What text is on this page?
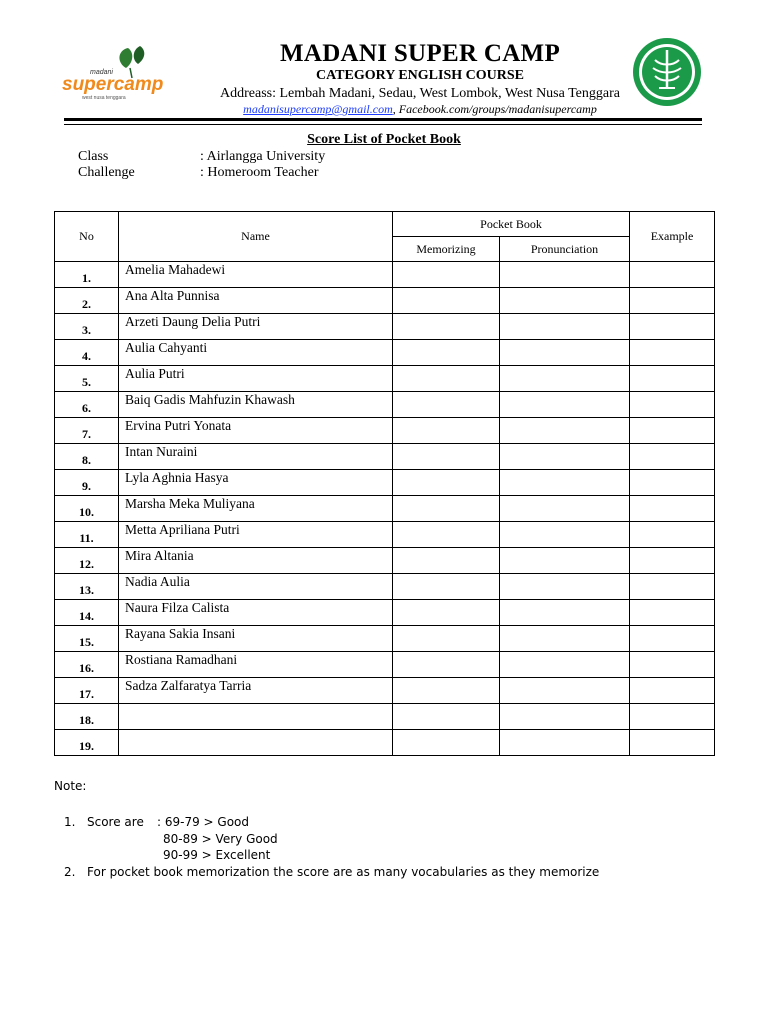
madani
supercamp
west nusa tenggara
MADANI SUPER CAMP
CATEGORY ENGLISH COURSE
Addreass: Lembah Madani, Sedau, West Lombok, West Nusa Tenggara
madanisupercamp@gmail.com, Facebook.com/groups/madanisupercamp
Score List of Pocket Book
Class	: Airlangga University
Challenge	: Homeroom Teacher
No	Name	Pocket Book		Example
		Memorizing	Pronunciation	
1.	Amelia Mahadewi			
2.	Ana Alta Punnisa			
3.	Arzeti Daung Delia Putri			
4.	Aulia Cahyanti			
5.	Aulia Putri			
6.	Baiq Gadis Mahfuzin Khawash			
7.	Ervina Putri Yonata			
8.	Intan Nuraini			
9.	Lyla Aghnia Hasya			
10.	Marsha Meka Muliyana			
11.	Metta Apriliana Putri			
12.	Mira Altania			
13.	Nadia Aulia			
14.	Naura Filza Calista			
15.	Rayana Sakia Insani			
16.	Rostiana Ramadhani			
17.	Sadza Zalfaratya Tarria			
18.				
19.				
Note:
1. Score are : 69-79 > Good
80-89 > Very Good
90-99 > Excellent
2. For pocket book memorization the score are as many vocabularies as they memorize
